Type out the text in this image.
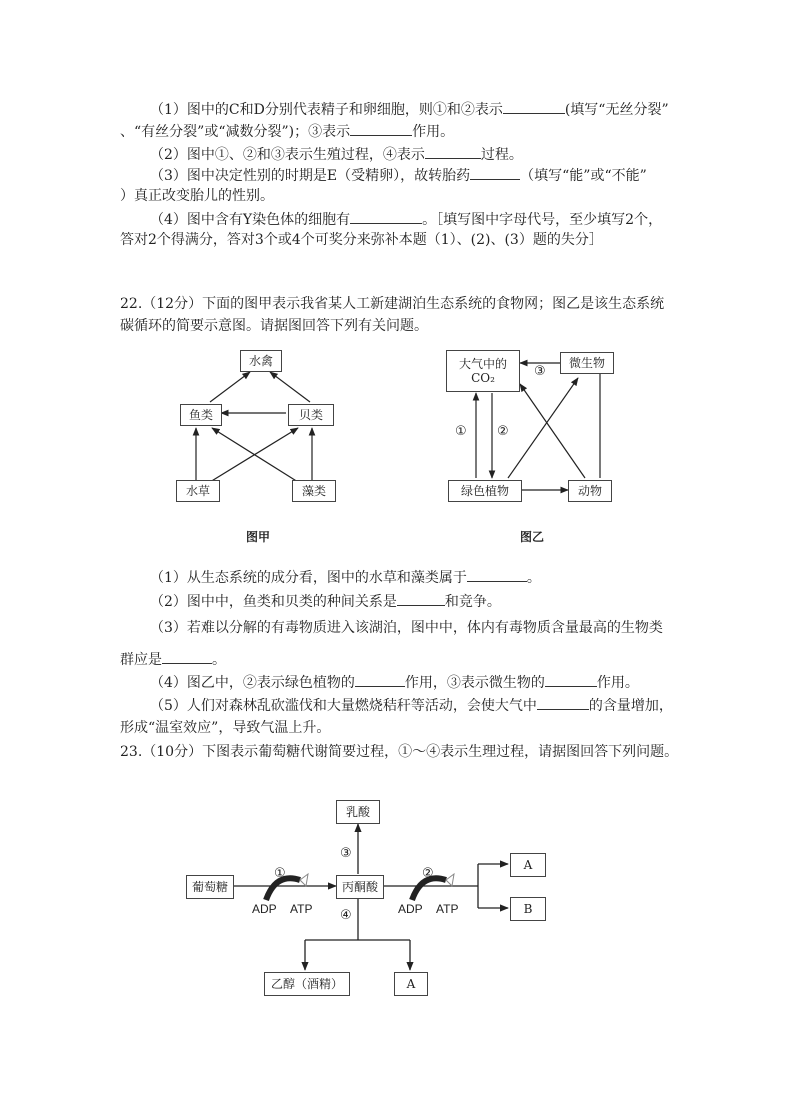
（1）图中的C和D分别代表精子和卵细胞，则①和②表示	(填写“无丝分裂”
、“有丝分裂”或“减数分裂”)；③表示	作用。
（2）图中①、②和③表示生殖过程，④表示	过程。
（3）图中决定性别的时期是E（受精卵），故转胎药	（填写“能”或“不能”
）真正改变胎儿的性别。
（4）图中含有Y染色体的细胞有	。［填写图中字母代号，至少填写2个，
答对2个得满分，答对3个或4个可奖分来弥补本题（1）、(2)、(3）题的失分］
22.（12分）下面的图甲表示我省某人工新建湖泊生态系统的食物网；图乙是该生态系统
碳循环的简要示意图。请据图回答下列有关问题。
水禽
鱼类	贝类
水草	藻类
图甲
大气中的
CO₂
微生物
绿色植物	动物
① ②
③
图乙
（1）从生态系统的成分看，图中的水草和藻类属于	。
（2）图中中，鱼类和贝类的种间关系是	和竞争。
（3）若难以分解的有毒物质进入该湖泊，图中中，体内有毒物质含量最高的生物类
群应是	。
（4）图乙中，②表示绿色植物的	作用，③表示微生物的	作用。
（5）人们对森林乱砍滥伐和大量燃烧秸秆等活动，会使大气中	的含量增加，
形成“温室效应”，导致气温上升。
23.（10分）下图表示葡萄糖代谢简要过程，①～④表示生理过程，请据图回答下列问题。
乳酸
葡萄糖	丙酮酸
A
B
乙醇（酒精）	A
①	②
③
④
ADP ATP	ADP ATP
